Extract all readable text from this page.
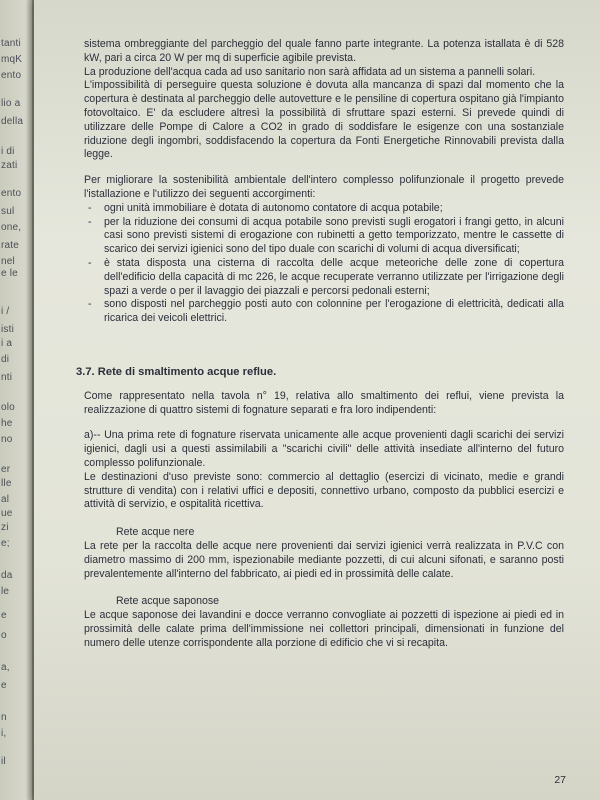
tanti
mqK
ento
lio a
della
i di
zati
ento
sul
one,
rate
nel
e le
i /
isti
i a
di
nti
olo
he
no
er
lle
al
ue
zi
e;
da
le
e
o
a,
e
n
i,
il

sistema ombreggiante del parcheggio del quale fanno parte integrante. La potenza istallata è di 528 kW, pari a circa 20 W per mq di superficie agibile prevista.

La produzione dell'acqua cada ad uso sanitario non sarà affidata ad un sistema a pannelli solari.

L'impossibilità di perseguire questa soluzione è dovuta alla mancanza di spazi dal momento che la copertura è destinata al parcheggio delle autovetture e le pensiline di copertura ospitano già l'impianto fotovoltaico. E' da escludere altresì la possibilità di sfruttare spazi esterni. Si prevede quindi di utilizzare delle Pompe di Calore a CO2 in grado di soddisfare le esigenze con una sostanziale riduzione degli ingombri, soddisfacendo la copertura da Fonti Energetiche Rinnovabili prevista dalla legge.

Per migliorare la sostenibilità ambientale dell'intero complesso polifunzionale il progetto prevede l'istallazione e l'utilizzo dei seguenti accorgimenti:

- ogni unità immobiliare è dotata di autonomo contatore di acqua potabile;
- per la riduzione dei consumi di acqua potabile sono previsti sugli erogatori i frangi getto, in alcuni casi sono previsti sistemi di erogazione con rubinetti a getto temporizzato, mentre le cassette di scarico dei servizi igienici sono del tipo duale con scarichi di volumi di acqua diversificati;
- è stata disposta una cisterna di raccolta delle acque meteoriche delle zone di copertura dell'edificio della capacità di mc 226, le acque recuperate verranno utilizzate per l'irrigazione degli spazi a verde o per il lavaggio dei piazzali e percorsi pedonali esterni;
- sono disposti nel parcheggio posti auto con colonnine per l'erogazione di elettricità, dedicati alla ricarica dei veicoli elettrici.
3.7. Rete di smaltimento acque reflue.

Come rappresentato nella tavola n° 19, relativa allo smaltimento dei reflui, viene prevista la realizzazione di quattro sistemi di fognature separati e fra loro indipendenti:

a)-- Una prima rete di fognature riservata unicamente alle acque provenienti dagli scarichi dei servizi igienici, dagli usi a questi assimilabili a "scarichi civili" delle attività insediate all'interno del futuro complesso polifunzionale.

Le destinazioni d'uso previste sono: commercio al dettaglio (esercizi di vicinato, medie e grandi strutture di vendita) con i relativi uffici e depositi, connettivo urbano, composto da pubblici esercizi e attività di servizio, e ospitalità ricettiva.

Rete acque nere

La rete per la raccolta delle acque nere provenienti dai servizi igienici verrà realizzata in P.V.C con diametro massimo di 200 mm, ispezionabile mediante pozzetti, di cui alcuni sifonati, e saranno posti prevalentemente all'interno del fabbricato, ai piedi ed in prossimità delle calate.

Rete acque saponose

Le acque saponose dei lavandini e docce verranno convogliate ai pozzetti di ispezione ai piedi ed in prossimità delle calate prima dell'immissione nei collettori principali, dimensionati in funzione del numero delle utenze corrispondente alla porzione di edificio che vi si recapita.

27
